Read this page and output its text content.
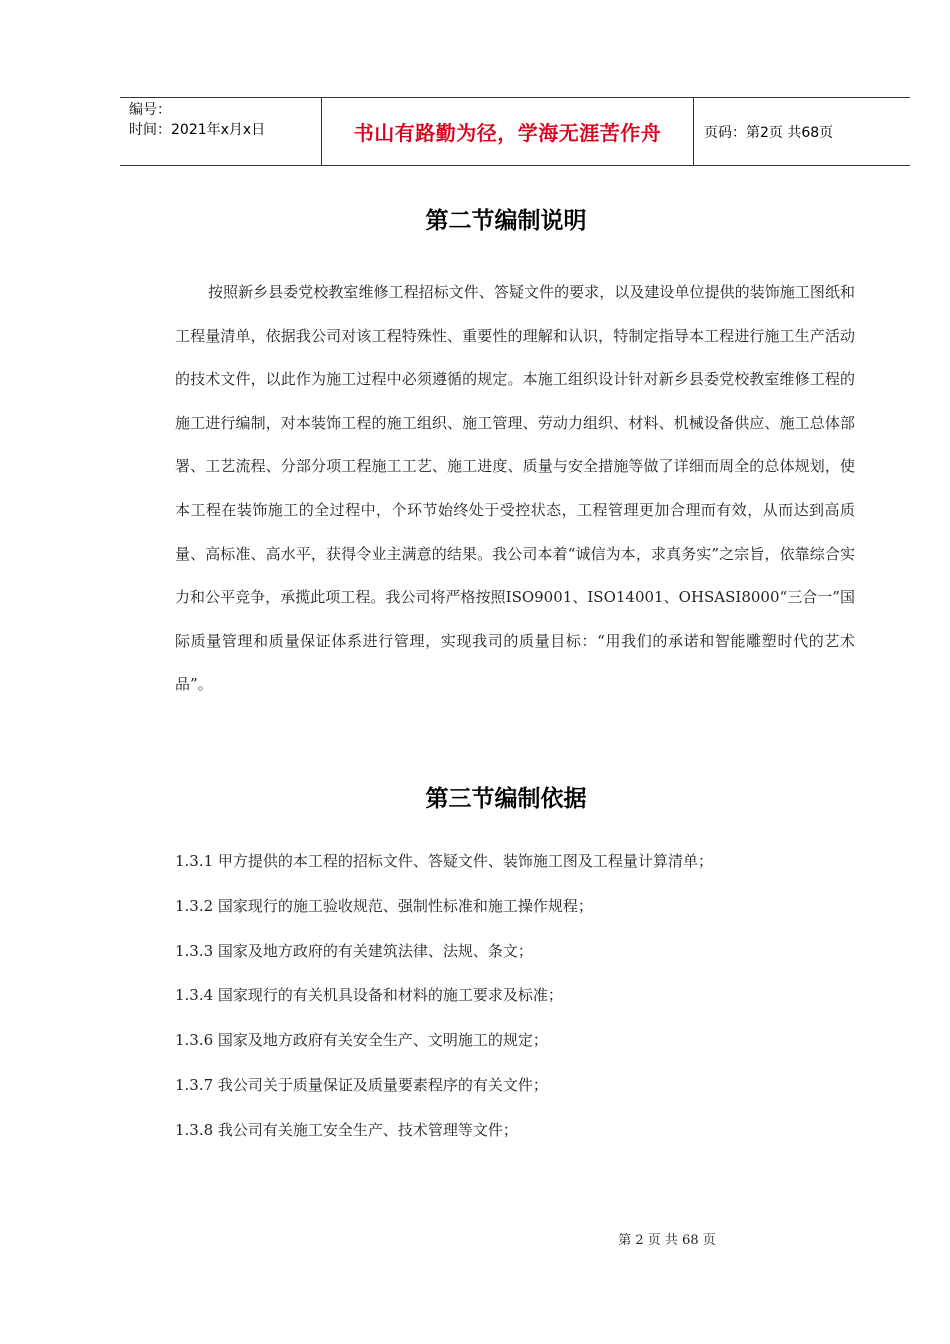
编号：
时间：2021年x月x日	书山有路勤为径，学海无涯苦作舟	页码：第2页 共68页
第二节编制说明

按照新乡县委党校教室维修工程招标文件、答疑文件的要求，以及建设单位提供的装饰施工图纸和工程量清单，依据我公司对该工程特殊性、重要性的理解和认识，特制定指导本工程进行施工生产活动的技术文件，以此作为施工过程中必须遵循的规定。本施工组织设计针对新乡县委党校教室维修工程的施工进行编制，对本装饰工程的施工组织、施工管理、劳动力组织、材料、机械设备供应、施工总体部署、工艺流程、分部分项工程施工工艺、施工进度、质量与安全措施等做了详细而周全的总体规划，使本工程在装饰施工的全过程中，个环节始终处于受控状态，工程管理更加合理而有效，从而达到高质量、高标准、高水平，获得令业主满意的结果。我公司本着“诚信为本，求真务实”之宗旨，依靠综合实力和公平竞争，承揽此项工程。我公司将严格按照ISO9001、ISO14001、OHSASI8000“三合一”国际质量管理和质量保证体系进行管理，实现我司的质量目标：“用我们的承诺和智能雕塑时代的艺术品”。

第三节编制依据
1.3.1 甲方提供的本工程的招标文件、答疑文件、装饰施工图及工程量计算清单；
1.3.2 国家现行的施工验收规范、强制性标准和施工操作规程；
1.3.3 国家及地方政府的有关建筑法律、法规、条文；
1.3.4 国家现行的有关机具设备和材料的施工要求及标准；
1.3.6 国家及地方政府有关安全生产、文明施工的规定；
1.3.7 我公司关于质量保证及质量要素程序的有关文件；
1.3.8 我公司有关施工安全生产、技术管理等文件；
第 2 页 共 68 页
